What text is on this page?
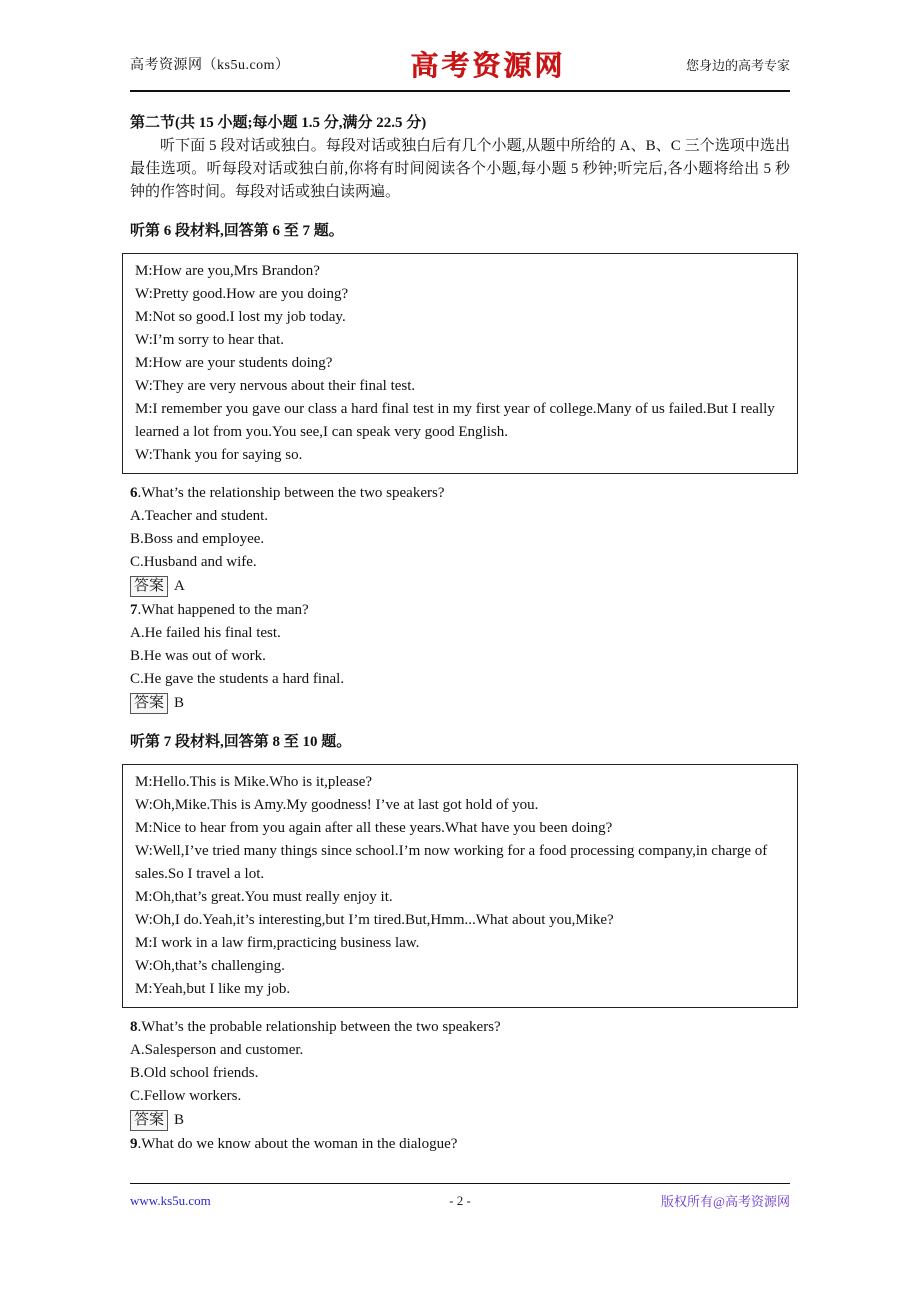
高考资源网（ks5u.com）	高考资源网	您身边的高考专家

第二节(共 15 小题;每小题 1.5 分,满分 22.5 分)

听下面 5 段对话或独白。每段对话或独白后有几个小题,从题中所给的 A、B、C 三个选项中选出最佳选项。听每段对话或独白前,你将有时间阅读各个小题,每小题 5 秒钟;听完后,各小题将给出 5 秒钟的作答时间。每段对话或独白读两遍。

听第 6 段材料,回答第 6 至 7 题。

M:How are you,Mrs Brandon?

W:Pretty good.How are you doing?

M:Not so good.I lost my job today.

W:I’m sorry to hear that.

M:How are your students doing?

W:They are very nervous about their final test.

M:I remember you gave our class a hard final test in my first year of college.Many of us failed.But I really learned a lot from you.You see,I can speak very good English.

W:Thank you for saying so.

6.What’s the relationship between the two speakers?

A.Teacher and student.

B.Boss and employee.

C.Husband and wife.

答案 A

7.What happened to the man?

A.He failed his final test.

B.He was out of work.

C.He gave the students a hard final.

答案 B

听第 7 段材料,回答第 8 至 10 题。

M:Hello.This is Mike.Who is it,please?

W:Oh,Mike.This is Amy.My goodness! I’ve at last got hold of you.

M:Nice to hear from you again after all these years.What have you been doing?

W:Well,I’ve tried many things since school.I’m now working for a food processing company,in charge of sales.So I travel a lot.

M:Oh,that’s great.You must really enjoy it.

W:Oh,I do.Yeah,it’s interesting,but I’m tired.But,Hmm...What about you,Mike?

M:I work in a law firm,practicing business law.

W:Oh,that’s challenging.

M:Yeah,but I like my job.

8.What’s the probable relationship between the two speakers?

A.Salesperson and customer.

B.Old school friends.

C.Fellow workers.

答案 B

9.What do we know about the woman in the dialogue?

www.ks5u.com	- 2 -	版权所有@高考资源网
